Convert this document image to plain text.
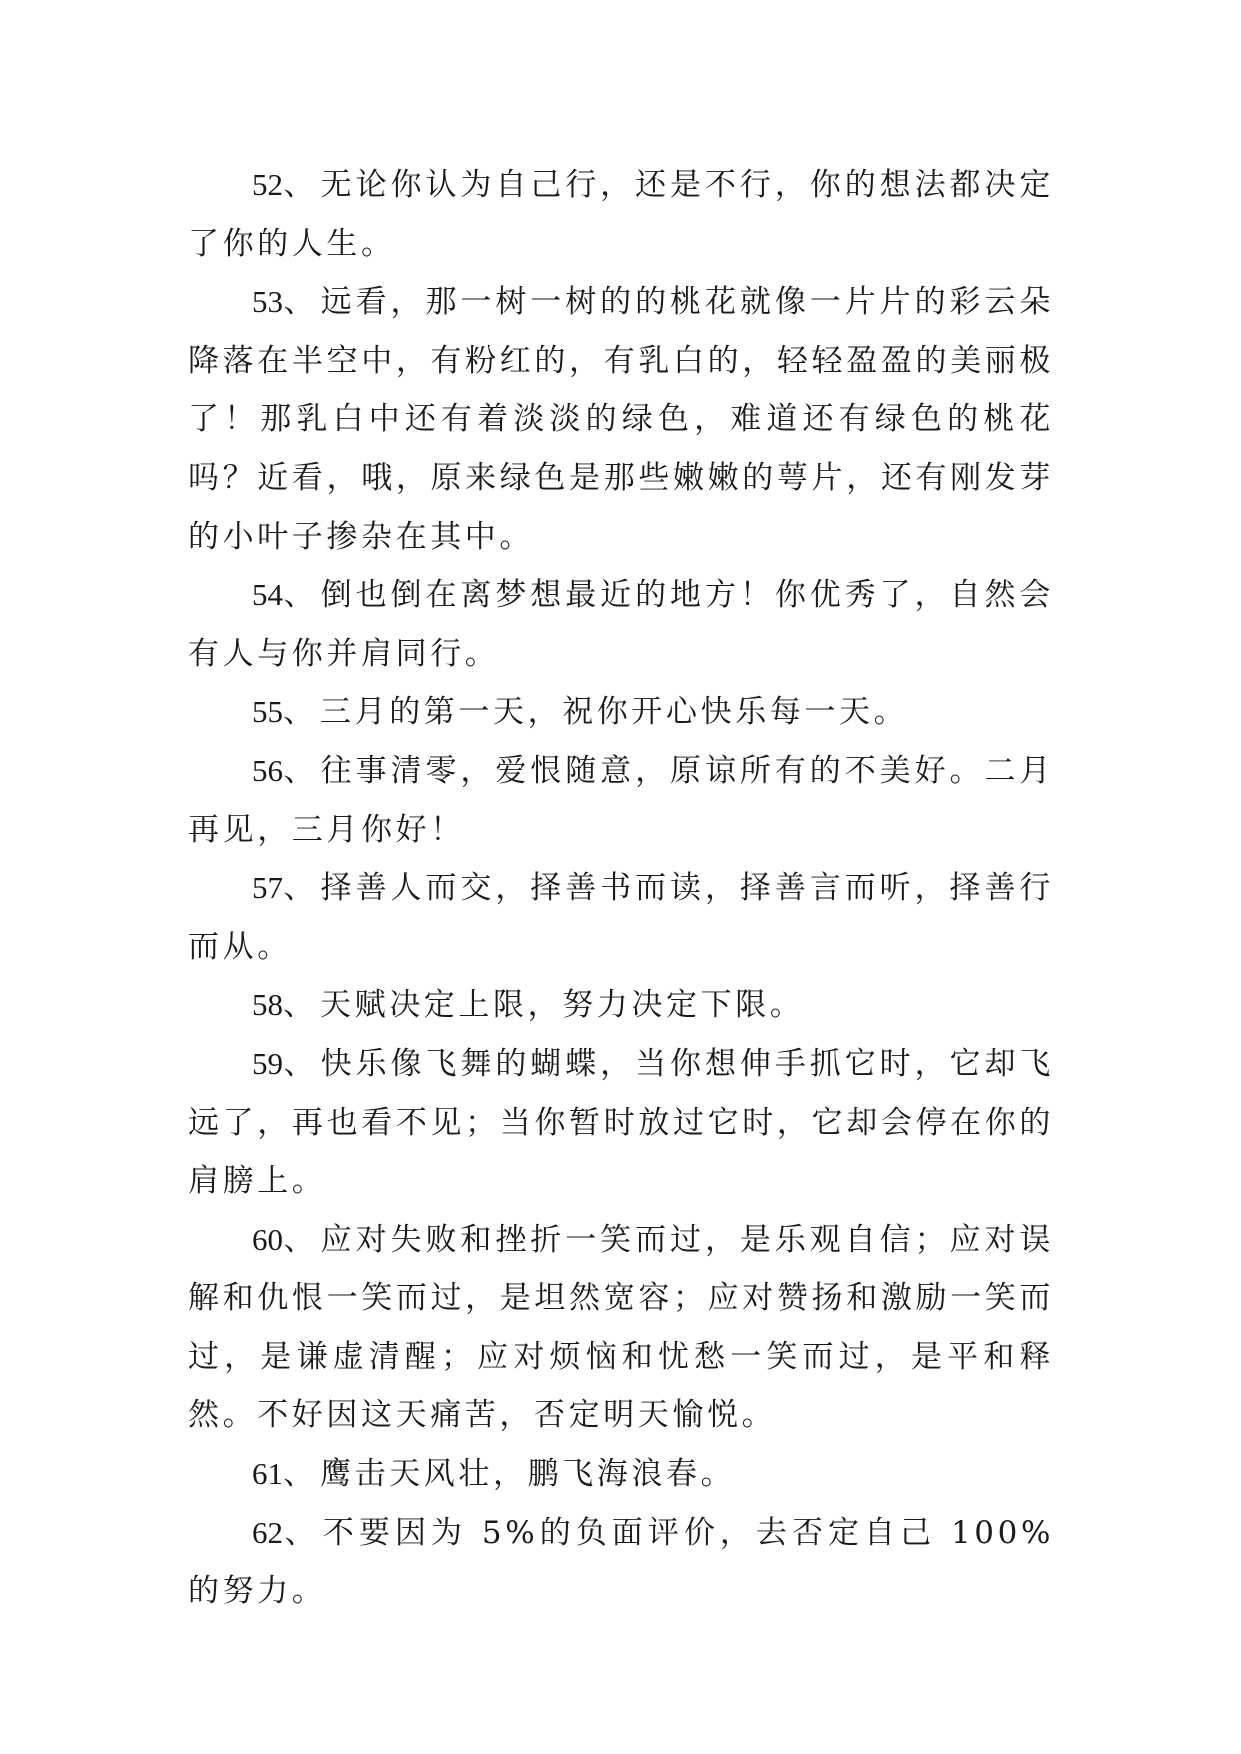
52、 无论你认为自己行，还是不行，你的想法都决定了你的人生。

53、 远看，那一树一树的的桃花就像一片片的彩云朵降落在半空中，有粉红的，有乳白的，轻轻盈盈的美丽极了！那乳白中还有着淡淡的绿色，难道还有绿色的桃花吗？近看，哦，原来绿色是那些嫩嫩的萼片，还有刚发芽的小叶子掺杂在其中。

54、 倒也倒在离梦想最近的地方！你优秀了，自然会有人与你并肩同行。

55、 三月的第一天，祝你开心快乐每一天。

56、 往事清零，爱恨随意，原谅所有的不美好。二月再见，三月你好！

57、 择善人而交，择善书而读，择善言而听，择善行而从。

58、 天赋决定上限，努力决定下限。

59、 快乐像飞舞的蝴蝶，当你想伸手抓它时，它却飞远了，再也看不见；当你暂时放过它时，它却会停在你的肩膀上。

60、 应对失败和挫折一笑而过，是乐观自信；应对误解和仇恨一笑而过，是坦然宽容；应对赞扬和激励一笑而过，是谦虚清醒；应对烦恼和忧愁一笑而过，是平和释然。不好因这天痛苦，否定明天愉悦。

61、 鹰击天风壮，鹏飞海浪春。

62、 不要因为 5%的负面评价，去否定自己 100%的努力。
